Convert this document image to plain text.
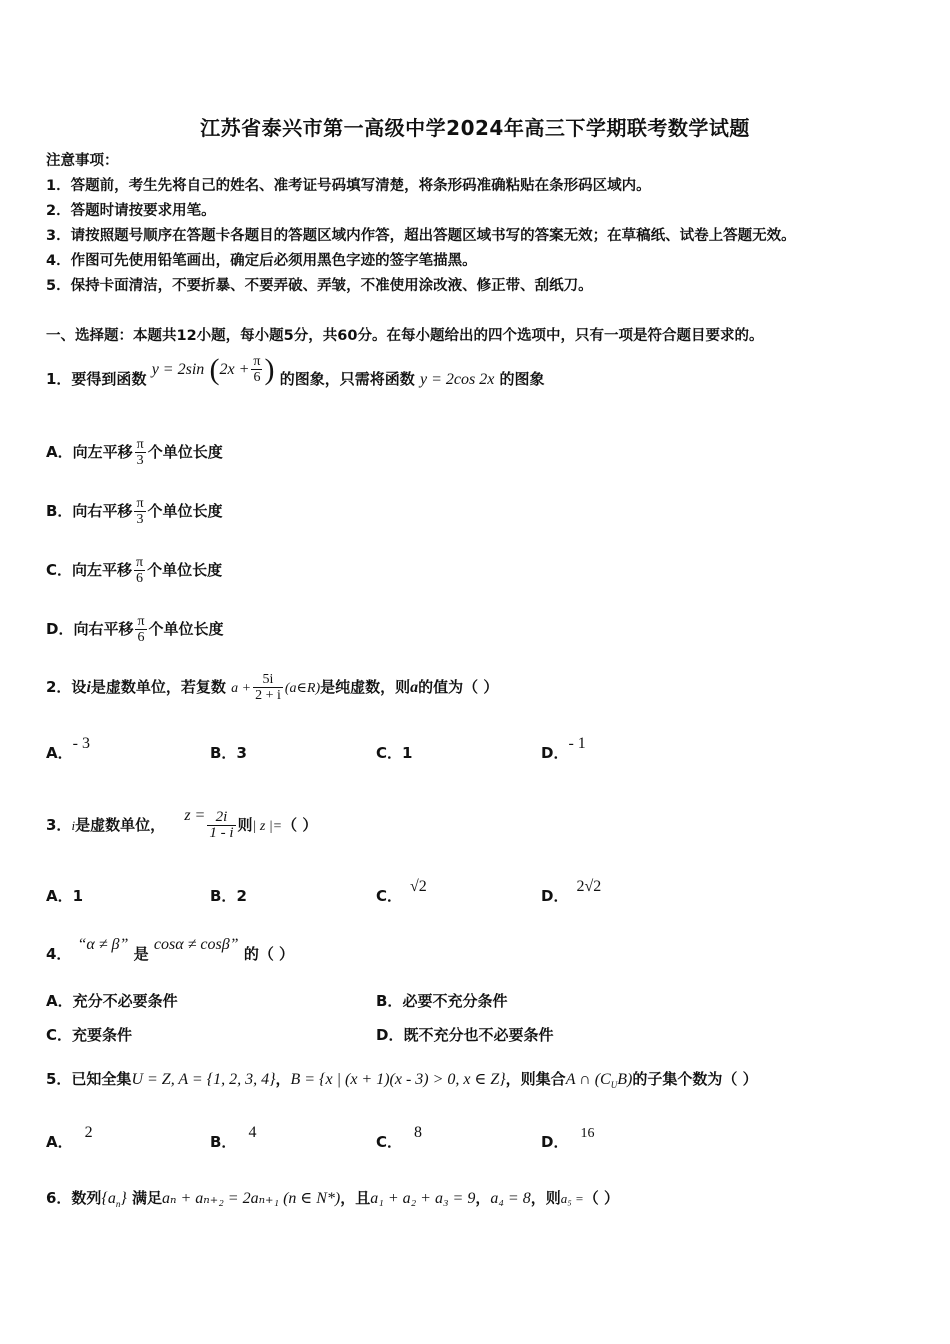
江苏省泰兴市第一高级中学2024年高三下学期联考数学试题
注意事项：
1．答题前，考生先将自己的姓名、准考证号码填写清楚，将条形码准确粘贴在条形码区域内。
2．答题时请按要求用笔。
3．请按照题号顺序在答题卡各题目的答题区域内作答，超出答题区域书写的答案无效；在草稿纸、试卷上答题无效。
4．作图可先使用铅笔画出，确定后必须用黑色字迹的签字笔描黑。
5．保持卡面清洁，不要折暴、不要弄破、弄皱，不准使用涂改液、修正带、刮纸刀。
一、选择题：本题共12小题，每小题5分，共60分。在每小题给出的四个选项中，只有一项是符合题目要求的。
1．要得到函数 y = 2sin ($2x + \frac{\pi}{6}$ ) 的图象，只需将函数 y = 2cos 2x 的图象
A．向左平移 $\frac{\pi}{3}$ 个单位长度
B．向右平移 $\frac{\pi}{3}$ 个单位长度
C．向左平移 $\frac{\pi}{6}$ 个单位长度
D．向右平移 $\frac{\pi}{6}$ 个单位长度
2．设i是虚数单位，若复数 $a + \frac{5i}{2 + i}$ (a∈R)是纯虚数，则a的值为（ ）
A．- 3
B．3	C．1	D．- 1
3．i是虚数单位， $z = \frac{2i}{1 - i}$ 则| z |=（ ）
A．1	B．2	C．√2
D．2√2
4．“α ≠ β” 是 cosα ≠ cosβ” 的（ ）
A．充分不必要条件	B．必要不充分条件
C．充要条件	D．既不充分也不必要条件
5．已知全集U = Z, A = {1, 2, 3, 4}，B = {x | (x + 1)(x - 3) > 0, x ∈ Z}，则集合A ∩ $(C_UB)$的子集个数为（ ）
A．2
B．4
C．8
D． 16
6．数列$\{a_n\}$ 满足aₙ + aₙ₊₂ = 2aₙ₊₁ (n ∈ N*)，且a₁ + a₂ + a₃ = 9，a₄ = 8，则a₅ =（ ）
